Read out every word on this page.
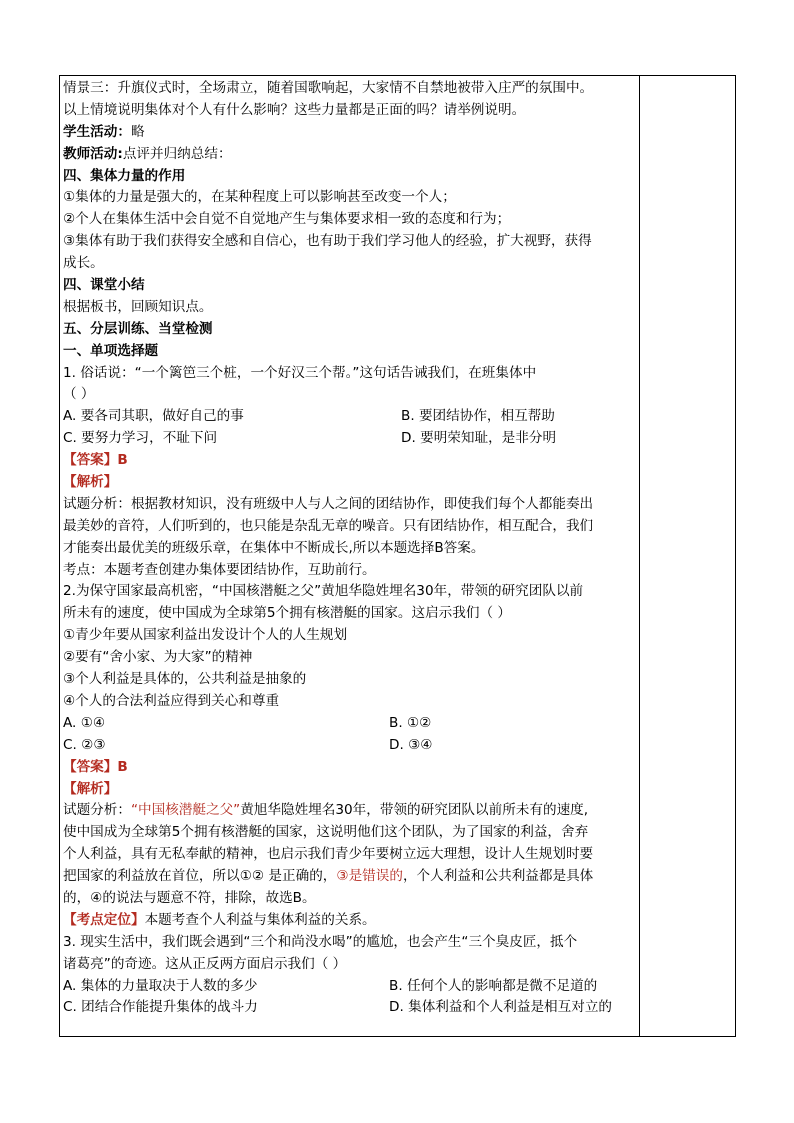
情景三：升旗仪式时，全场肃立，随着国歌响起，大家情不自禁地被带入庄严的氛围中。
以上情境说明集体对个人有什么影响？这些力量都是正面的吗？请举例说明。
学生活动：略
教师活动:点评并归纳总结：
四、集体力量的作用
①集体的力量是强大的，在某种程度上可以影响甚至改变一个人；
②个人在集体生活中会自觉不自觉地产生与集体要求相一致的态度和行为；
③集体有助于我们获得安全感和自信心，也有助于我们学习他人的经验，扩大视野，获得
成长。
四、课堂小结
根据板书，回顾知识点。
五、分层训练、当堂检测
一、单项选择题
1. 俗话说：“一个篱笆三个桩，一个好汉三个帮。”这句话告诫我们，在班集体中
（ ）
A. 要各司其职，做好自己的事	B. 要团结协作，相互帮助
C. 要努力学习，不耻下问	D. 要明荣知耻，是非分明
【答案】B
【解析】
试题分析：根据教材知识，没有班级中人与人之间的团结协作，即使我们每个人都能奏出
最美妙的音符，人们听到的，也只能是杂乱无章的噪音。只有团结协作，相互配合，我们
才能奏出最优美的班级乐章，在集体中不断成长,所以本题选择B答案。
考点：本题考查创建办集体要团结协作，互助前行。
2.为保守国家最高机密，“中国核潜艇之父”黄旭华隐姓埋名30年，带领的研究团队以前
所未有的速度，使中国成为全球第5个拥有核潜艇的国家。这启示我们（ ）
①青少年要从国家利益出发设计个人的人生规划
②要有“舍小家、为大家”的精神
③个人利益是具体的，公共利益是抽象的
④个人的合法利益应得到关心和尊重
A. ①④	B. ①②
C. ②③	D. ③④
【答案】B
【解析】
试题分析：“中国核潜艇之父”黄旭华隐姓埋名30年，带领的研究团队以前所未有的速度,
使中国成为全球第5个拥有核潜艇的国家，这说明他们这个团队，为了国家的利益，舍弃
个人利益，具有无私奉献的精神，也启示我们青少年要树立远大理想，设计人生规划时要
把国家的利益放在首位，所以①② 是正确的，③是错误的，个人利益和公共利益都是具体
的，④的说法与题意不符，排除，故选B。
【考点定位】本题考查个人利益与集体利益的关系。
3. 现实生活中，我们既会遇到“三个和尚没水喝”的尴尬，也会产生“三个臭皮匠，抵个
诸葛亮”的奇迹。这从正反两方面启示我们（ ）
A. 集体的力量取决于人数的多少	B. 任何个人的影响都是微不足道的
C. 团结合作能提升集体的战斗力	D. 集体利益和个人利益是相互对立的
